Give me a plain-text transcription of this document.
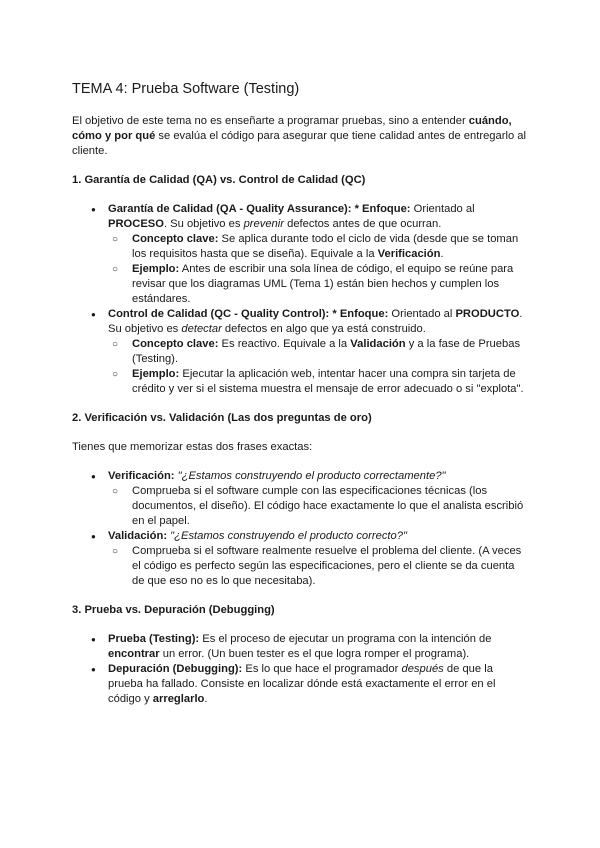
TEMA 4: Prueba Software (Testing)

El objetivo de este tema no es enseñarte a programar pruebas, sino a entender cuándo, cómo y por qué se evalúa el código para asegurar que tiene calidad antes de entregarlo al cliente.

1. Garantía de Calidad (QA) vs. Control de Calidad (QC)
● Garantía de Calidad (QA - Quality Assurance): * Enfoque: Orientado al PROCESO. Su objetivo es prevenir defectos antes de que ocurran.
○ Concepto clave: Se aplica durante todo el ciclo de vida (desde que se toman los requisitos hasta que se diseña). Equivale a la Verificación.
○ Ejemplo: Antes de escribir una sola línea de código, el equipo se reúne para revisar que los diagramas UML (Tema 1) están bien hechos y cumplen los estándares.
● Control de Calidad (QC - Quality Control): * Enfoque: Orientado al PRODUCTO. Su objetivo es detectar defectos en algo que ya está construido.
○ Concepto clave: Es reactivo. Equivale a la Validación y a la fase de Pruebas (Testing).
○ Ejemplo: Ejecutar la aplicación web, intentar hacer una compra sin tarjeta de crédito y ver si el sistema muestra el mensaje de error adecuado o si "explota".
2. Verificación vs. Validación (Las dos preguntas de oro)

Tienes que memorizar estas dos frases exactas:

● Verificación: "¿Estamos construyendo el producto correctamente?"
○ Comprueba si el software cumple con las especificaciones técnicas (los documentos, el diseño). El código hace exactamente lo que el analista escribió en el papel.
● Validación: "¿Estamos construyendo el producto correcto?"
○ Comprueba si el software realmente resuelve el problema del cliente. (A veces el código es perfecto según las especificaciones, pero el cliente se da cuenta de que eso no es lo que necesitaba).
3. Prueba vs. Depuración (Debugging)
● Prueba (Testing): Es el proceso de ejecutar un programa con la intención de encontrar un error. (Un buen tester es el que logra romper el programa).
● Depuración (Debugging): Es lo que hace el programador después de que la prueba ha fallado. Consiste en localizar dónde está exactamente el error en el código y arreglarlo.
